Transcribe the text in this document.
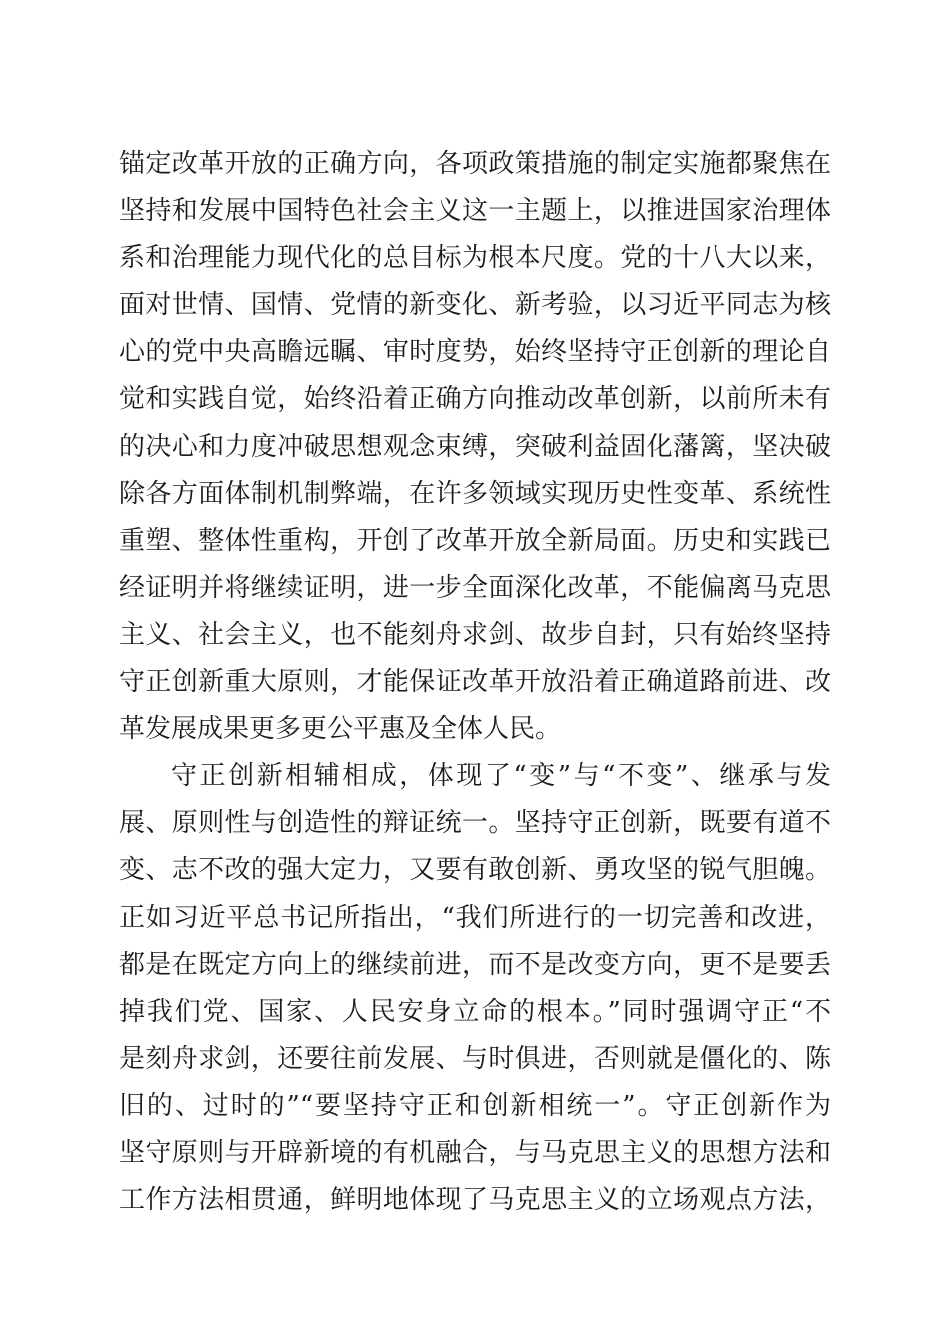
锚定改革开放的正确方向，各项政策措施的制定实施都聚焦在
坚持和发展中国特色社会主义这一主题上，以推进国家治理体
系和治理能力现代化的总目标为根本尺度。党的十八大以来，
面对世情、国情、党情的新变化、新考验，以习近平同志为核
心的党中央高瞻远瞩、审时度势，始终坚持守正创新的理论自
觉和实践自觉，始终沿着正确方向推动改革创新，以前所未有
的决心和力度冲破思想观念束缚，突破利益固化藩篱，坚决破
除各方面体制机制弊端，在许多领域实现历史性变革、系统性
重塑、整体性重构，开创了改革开放全新局面。历史和实践已
经证明并将继续证明，进一步全面深化改革，不能偏离马克思
主义、社会主义，也不能刻舟求剑、故步自封，只有始终坚持
守正创新重大原则，才能保证改革开放沿着正确道路前进、改
革发展成果更多更公平惠及全体人民。
守正创新相辅相成，体现了“变”与“不变”、继承与发
展、原则性与创造性的辩证统一。坚持守正创新，既要有道不
变、志不改的强大定力，又要有敢创新、勇攻坚的锐气胆魄。
正如习近平总书记所指出，“我们所进行的一切完善和改进，
都是在既定方向上的继续前进，而不是改变方向，更不是要丢
掉我们党、国家、人民安身立命的根本。”同时强调守正“不
是刻舟求剑，还要往前发展、与时俱进，否则就是僵化的、陈
旧的、过时的”“要坚持守正和创新相统一”。守正创新作为
坚守原则与开辟新境的有机融合，与马克思主义的思想方法和
工作方法相贯通，鲜明地体现了马克思主义的立场观点方法，
